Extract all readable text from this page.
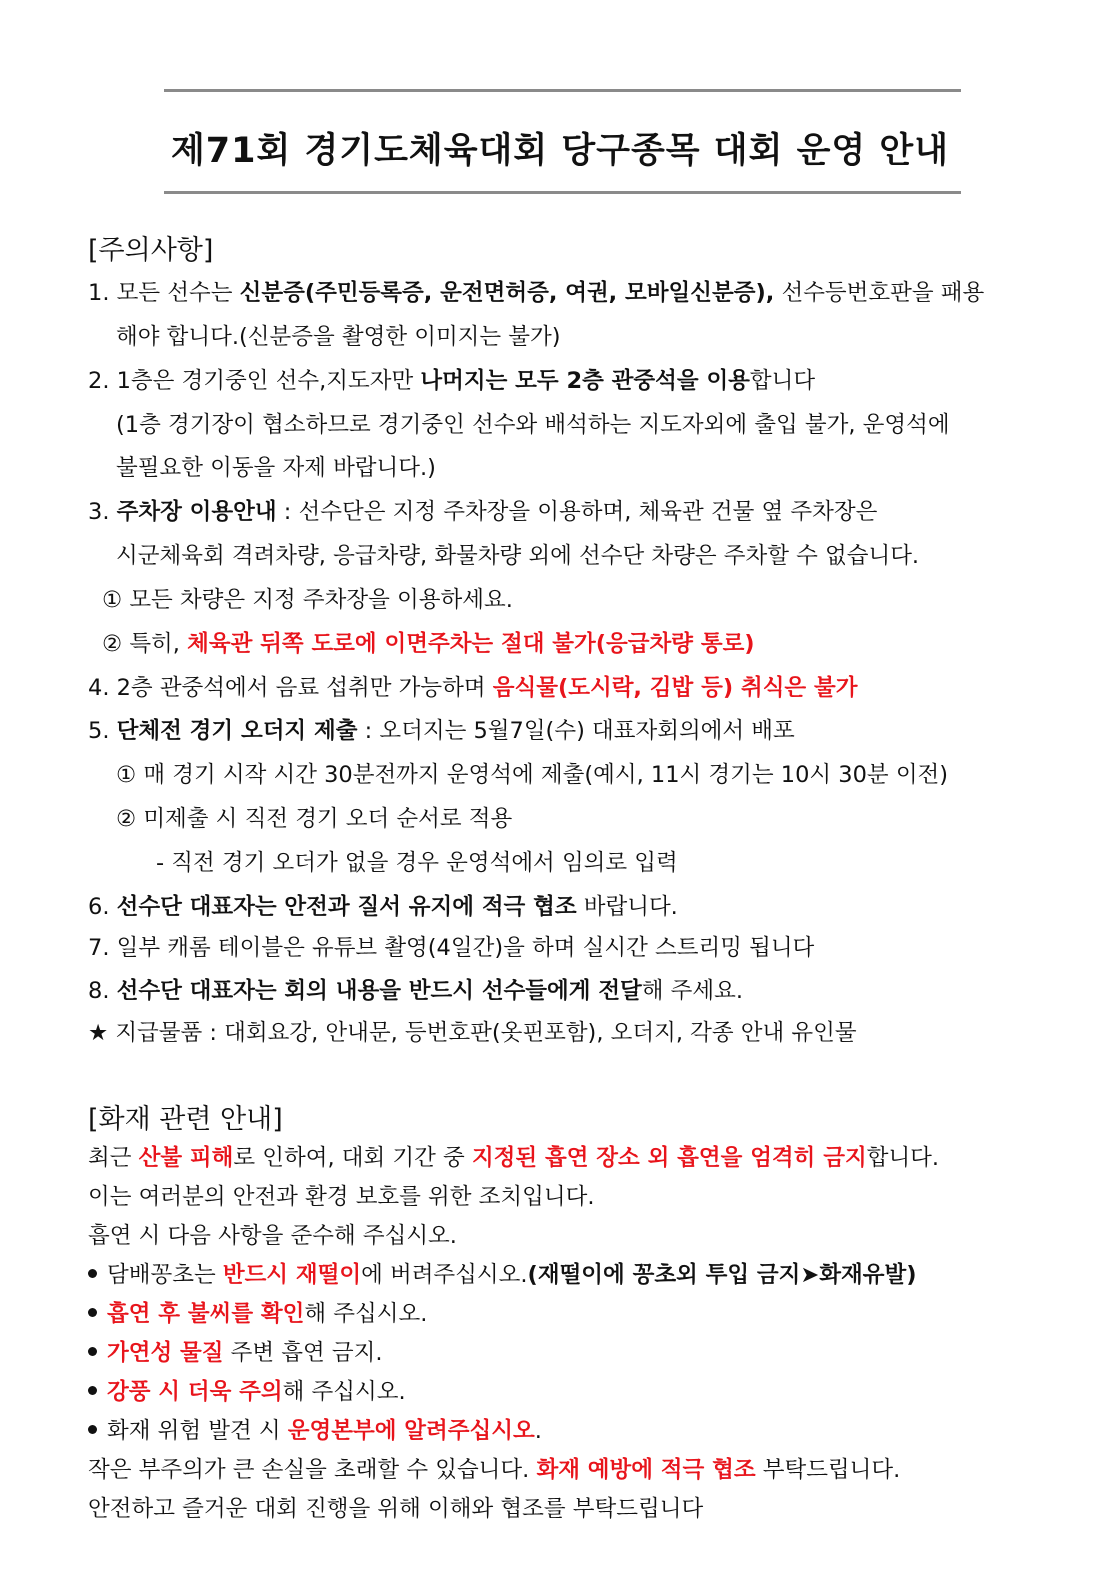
제71회 경기도체육대회 당구종목 대회 운영 안내
[주의사항]
1. 모든 선수는 신분증(주민등록증, 운전면허증, 여권, 모바일신분증), 선수등번호판을 패용
해야 합니다.(신분증을 촬영한 이미지는 불가)
2. 1층은 경기중인 선수,지도자만 나머지는 모두 2층 관중석을 이용합니다
(1층 경기장이 협소하므로 경기중인 선수와 배석하는 지도자외에 출입 불가, 운영석에
불필요한 이동을 자제 바랍니다.)
3. 주차장 이용안내 : 선수단은 지정 주차장을 이용하며, 체육관 건물 옆 주차장은
시군체육회 격려차량, 응급차량, 화물차량 외에 선수단 차량은 주차할 수 없습니다.
① 모든 차량은 지정 주차장을 이용하세요.
② 특히, 체육관 뒤쪽 도로에 이면주차는 절대 불가(응급차량 통로)
4. 2층 관중석에서 음료 섭취만 가능하며 음식물(도시락, 김밥 등) 취식은 불가
5. 단체전 경기 오더지 제출 : 오더지는 5월7일(수) 대표자회의에서 배포
① 매 경기 시작 시간 30분전까지 운영석에 제출(예시, 11시 경기는 10시 30분 이전)
② 미제출 시 직전 경기 오더 순서로 적용
- 직전 경기 오더가 없을 경우 운영석에서 임의로 입력
6. 선수단 대표자는 안전과 질서 유지에 적극 협조 바랍니다.
7. 일부 캐롬 테이블은 유튜브 촬영(4일간)을 하며 실시간 스트리밍 됩니다
8. 선수단 대표자는 회의 내용을 반드시 선수들에게 전달해 주세요.
★ 지급물품 : 대회요강, 안내문, 등번호판(옷핀포함), 오더지, 각종 안내 유인물
[화재 관련 안내]
최근 산불 피해로 인하여, 대회 기간 중 지정된 흡연 장소 외 흡연을 엄격히 금지합니다.
이는 여러분의 안전과 환경 보호를 위한 조치입니다.
흡연 시 다음 사항을 준수해 주십시오.
담배꽁초는 반드시 재떨이에 버려주십시오.(재떨이에 꽁초외 투입 금지➤화재유발)
흡연 후 불씨를 확인해 주십시오.
가연성 물질 주변 흡연 금지.
강풍 시 더욱 주의해 주십시오.
화재 위험 발견 시 운영본부에 알려주십시오.
작은 부주의가 큰 손실을 초래할 수 있습니다. 화재 예방에 적극 협조 부탁드립니다.
안전하고 즐거운 대회 진행을 위해 이해와 협조를 부탁드립니다
